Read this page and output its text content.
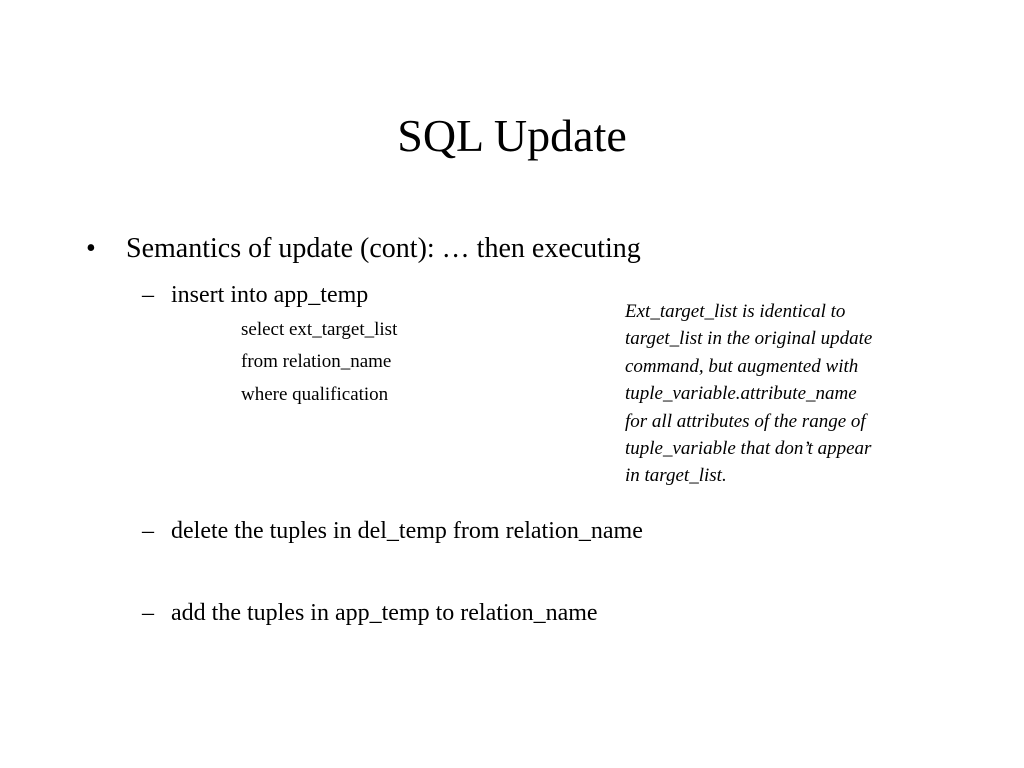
SQL Update
• Semantics of update (cont): … then executing
– insert into app_temp
select ext_target_list
from relation_name
where qualification
Ext_target_list is identical to
target_list in the original update
command, but augmented with
tuple_variable.attribute_name
for all attributes of the range of
tuple_variable that don’t appear
in target_list.
– delete the tuples in del_temp from relation_name
– add the tuples in app_temp to relation_name
